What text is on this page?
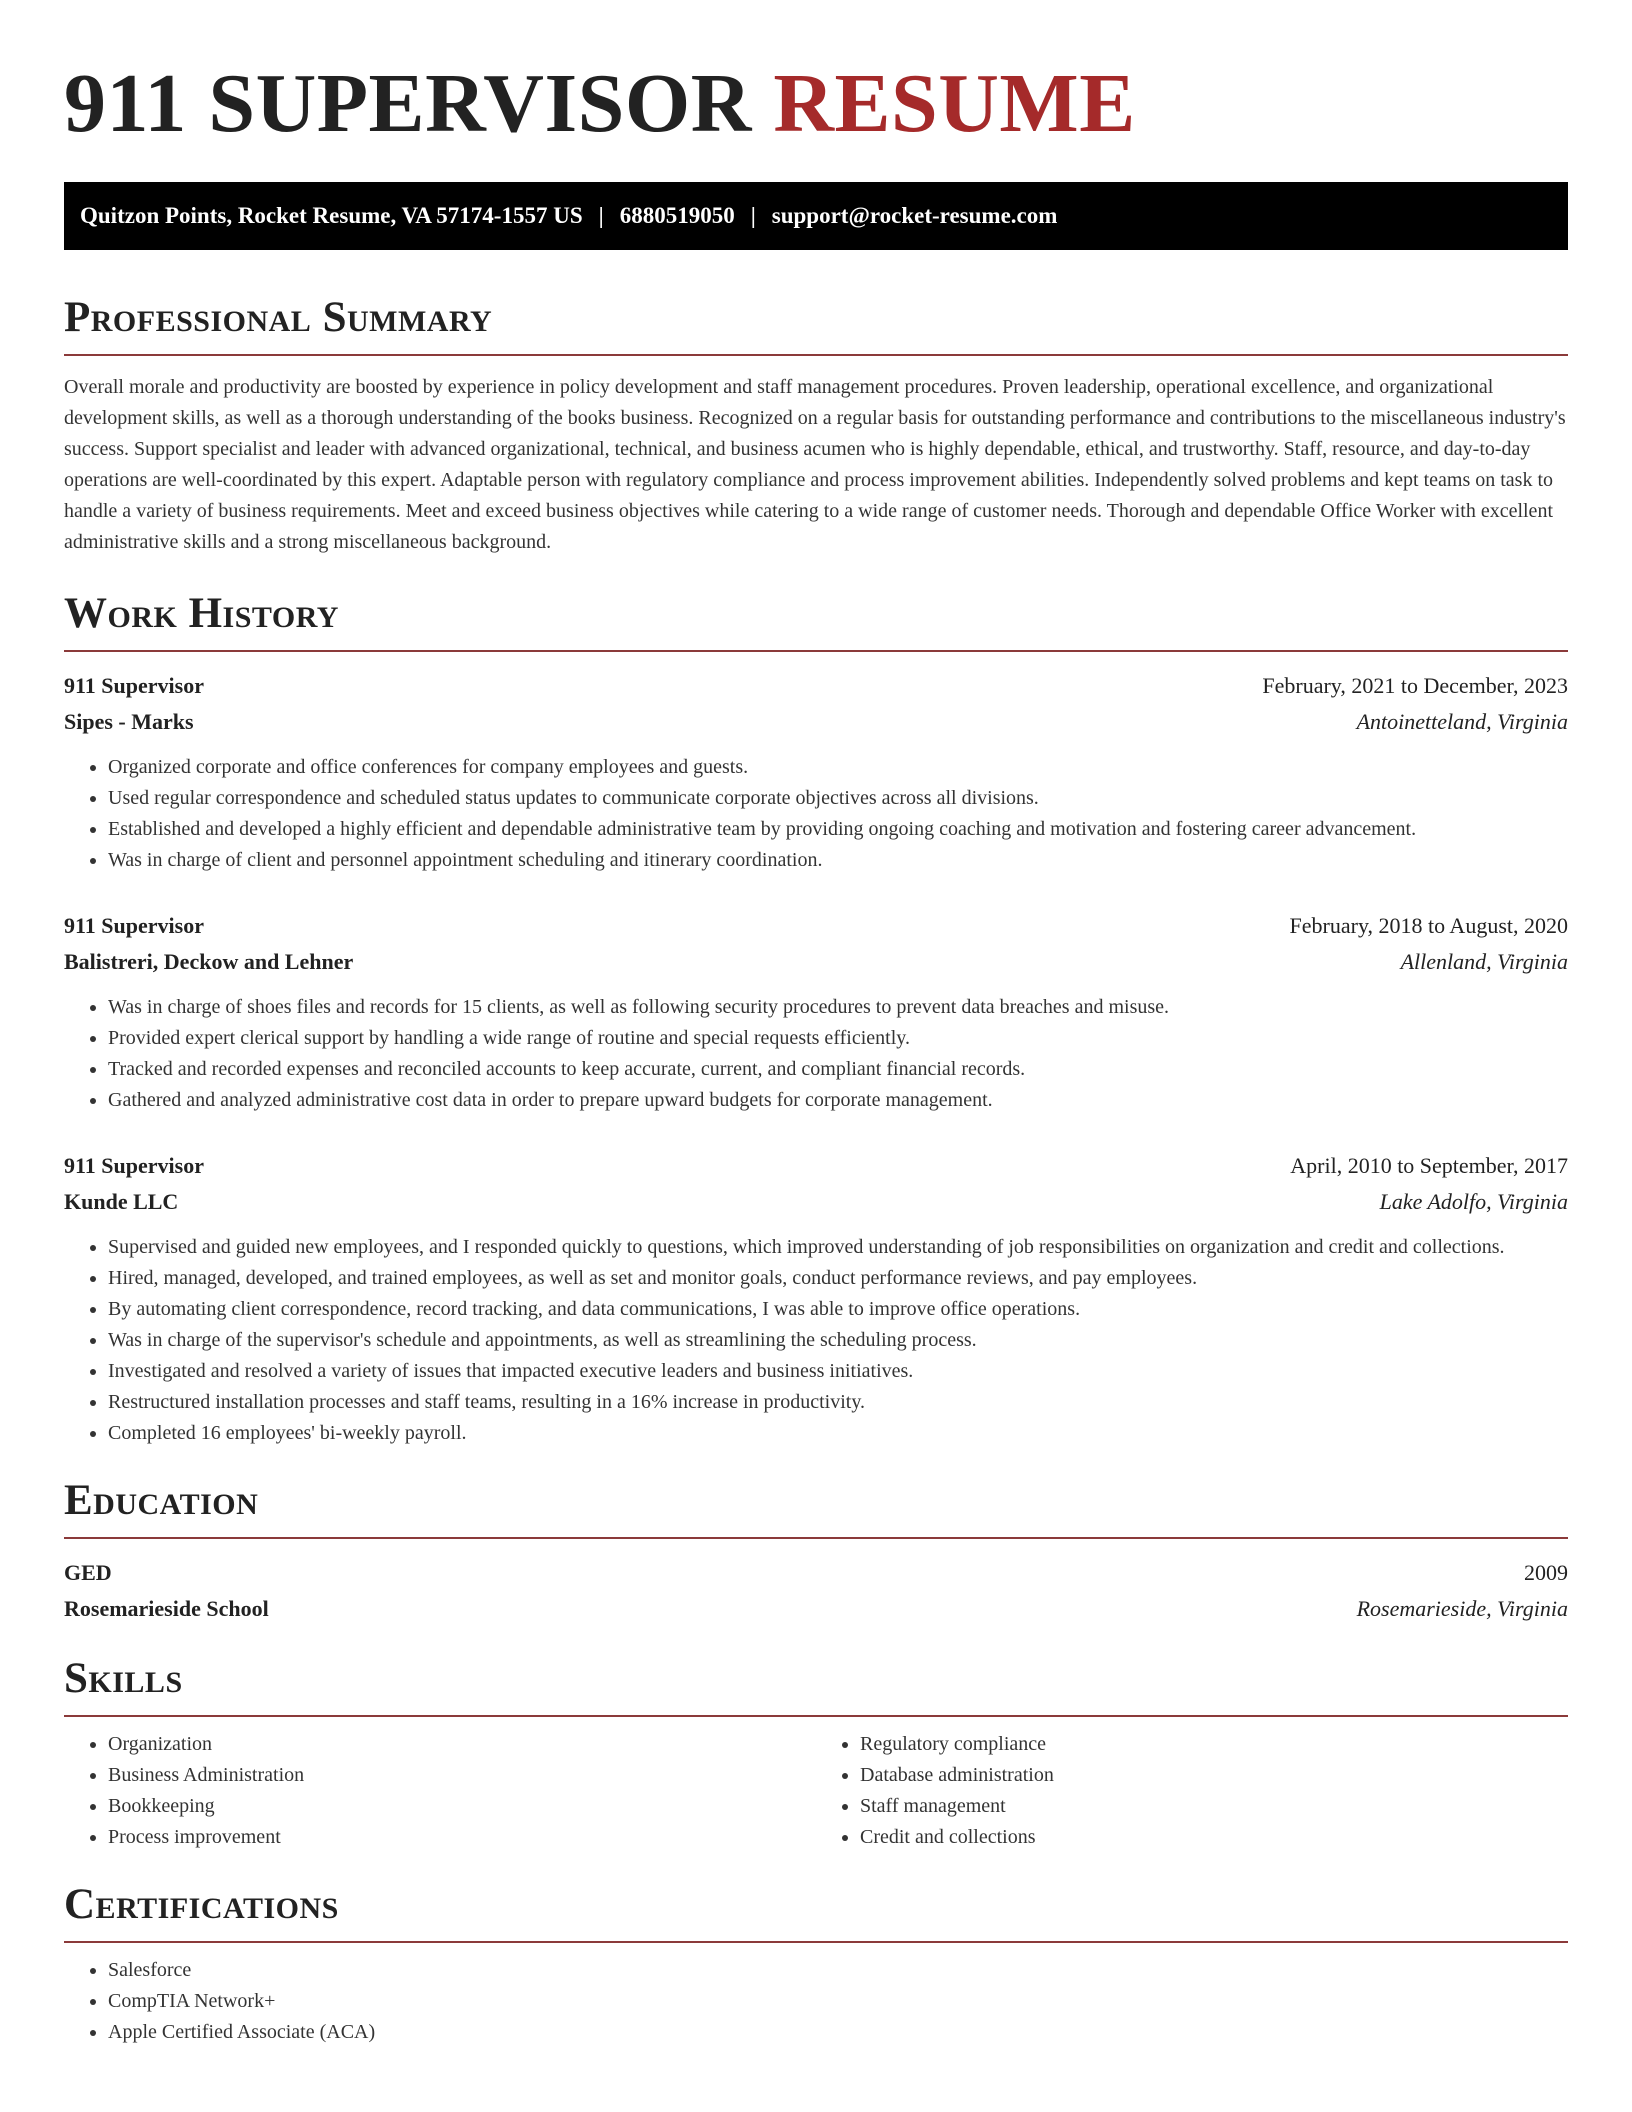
911 SUPERVISOR RESUME
Quitzon Points, Rocket Resume, VA 57174-1557 US | 6880519050 | support@rocket-resume.com
Professional Summary

Overall morale and productivity are boosted by experience in policy development and staff management procedures. Proven leadership, operational excellence, and organizational development skills, as well as a thorough understanding of the books business. Recognized on a regular basis for outstanding performance and contributions to the miscellaneous industry's success. Support specialist and leader with advanced organizational, technical, and business acumen who is highly dependable, ethical, and trustworthy. Staff, resource, and day-to-day operations are well-coordinated by this expert. Adaptable person with regulatory compliance and process improvement abilities. Independently solved problems and kept teams on task to handle a variety of business requirements. Meet and exceed business objectives while catering to a wide range of customer needs. Thorough and dependable Office Worker with excellent administrative skills and a strong miscellaneous background.

Work History
911 Supervisor	February, 2021 to December, 2023
Sipes - Marks	Antoinetteland, Virginia
• Organized corporate and office conferences for company employees and guests.
• Used regular correspondence and scheduled status updates to communicate corporate objectives across all divisions.
• Established and developed a highly efficient and dependable administrative team by providing ongoing coaching and motivation and fostering career advancement.
• Was in charge of client and personnel appointment scheduling and itinerary coordination.
911 Supervisor	February, 2018 to August, 2020
Balistreri, Deckow and Lehner	Allenland, Virginia
• Was in charge of shoes files and records for 15 clients, as well as following security procedures to prevent data breaches and misuse.
• Provided expert clerical support by handling a wide range of routine and special requests efficiently.
• Tracked and recorded expenses and reconciled accounts to keep accurate, current, and compliant financial records.
• Gathered and analyzed administrative cost data in order to prepare upward budgets for corporate management.
911 Supervisor	April, 2010 to September, 2017
Kunde LLC	Lake Adolfo, Virginia
• Supervised and guided new employees, and I responded quickly to questions, which improved understanding of job responsibilities on organization and credit and collections.
• Hired, managed, developed, and trained employees, as well as set and monitor goals, conduct performance reviews, and pay employees.
• By automating client correspondence, record tracking, and data communications, I was able to improve office operations.
• Was in charge of the supervisor's schedule and appointments, as well as streamlining the scheduling process.
• Investigated and resolved a variety of issues that impacted executive leaders and business initiatives.
• Restructured installation processes and staff teams, resulting in a 16% increase in productivity.
• Completed 16 employees' bi-weekly payroll.
Education
GED	2009
Rosemarieside School	Rosemarieside, Virginia
Skills
• Organization
• Business Administration
• Bookkeeping
• Process improvement
• Regulatory compliance
• Database administration
• Staff management
• Credit and collections
Certifications
• Salesforce
• CompTIA Network+
• Apple Certified Associate (ACA)
